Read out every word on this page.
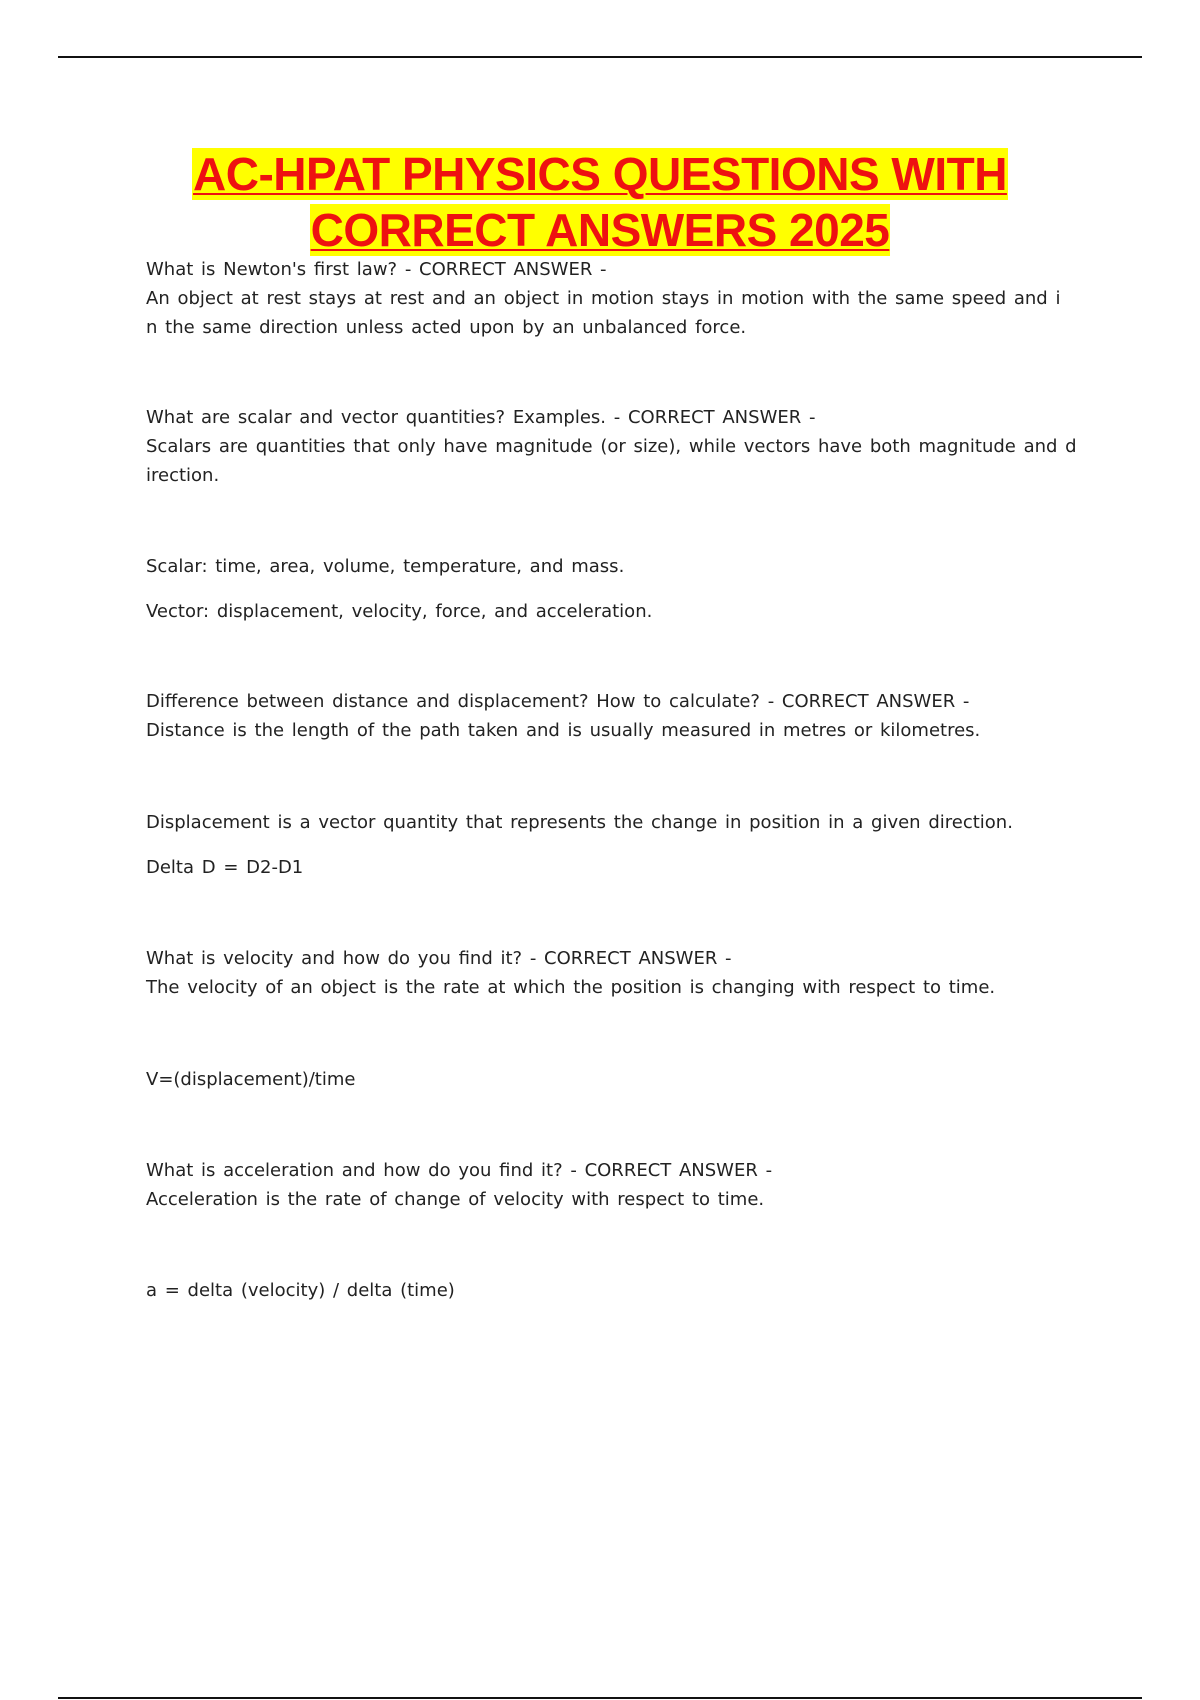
AC-HPAT PHYSICS QUESTIONS WITH
CORRECT ANSWERS 2025

What is Newton's first law? - CORRECT ANSWER -

An object at rest stays at rest and an object in motion stays in motion with the same speed and i

n the same direction unless acted upon by an unbalanced force.

What are scalar and vector quantities? Examples. - CORRECT ANSWER -

Scalars are quantities that only have magnitude (or size), while vectors have both magnitude and d

irection.

Scalar: time, area, volume, temperature, and mass.

Vector: displacement, velocity, force, and acceleration.

Difference between distance and displacement? How to calculate? - CORRECT ANSWER -

Distance is the length of the path taken and is usually measured in metres or kilometres.

Displacement is a vector quantity that represents the change in position in a given direction.

Delta D = D2-D1

What is velocity and how do you find it? - CORRECT ANSWER -

The velocity of an object is the rate at which the position is changing with respect to time.

V=(displacement)/time

What is acceleration and how do you find it? - CORRECT ANSWER -

Acceleration is the rate of change of velocity with respect to time.

a = delta (velocity) / delta (time)
